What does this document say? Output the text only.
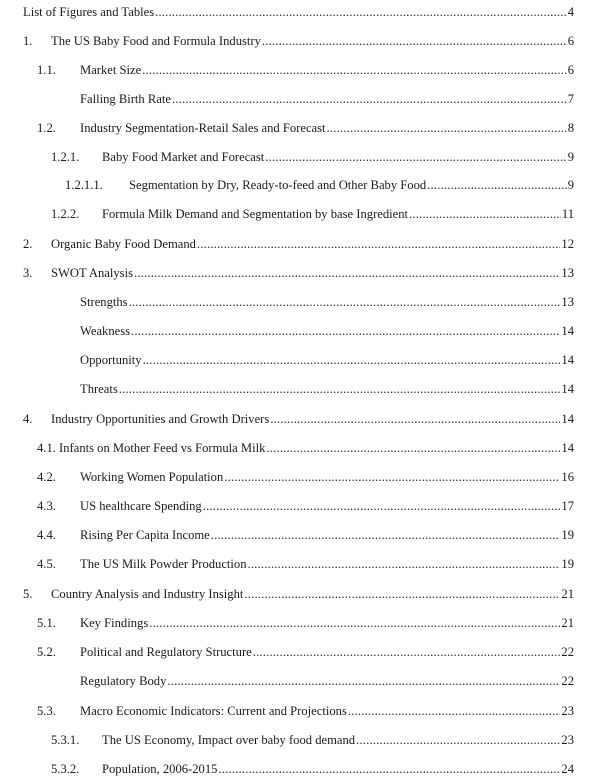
List of Figures and Tables .....	4
1. The US Baby Food and Formula Industry .....	6
1.1. Market Size .....	6
Falling Birth Rate .....	7
1.2. Industry Segmentation-Retail Sales and Forecast .....	8
1.2.1. Baby Food Market and Forecast .....	9
1.2.1.1. Segmentation by Dry, Ready-to-feed and Other Baby Food .....	9
1.2.2. Formula Milk Demand and Segmentation by base Ingredient .....	11
2. Organic Baby Food Demand .....	12
3. SWOT Analysis .....	13
Strengths .....	13
Weakness .....	14
Opportunity .....	14
Threats .....	14
4. Industry Opportunities and Growth Drivers .....	14
4.1. Infants on Mother Feed vs Formula Milk .....	14
4.2. Working Women Population .....	16
4.3. US healthcare Spending .....	17
4.4. Rising Per Capita Income .....	19
4.5. The US Milk Powder Production .....	19
5. Country Analysis and Industry Insight .....	21
5.1. Key Findings .....	21
5.2. Political and Regulatory Structure .....	22
Regulatory Body .....	22
5.3. Macro Economic Indicators: Current and Projections .....	23
5.3.1. The US Economy, Impact over baby food demand .....	23
5.3.2. Population, 2006-2015 .....	24
